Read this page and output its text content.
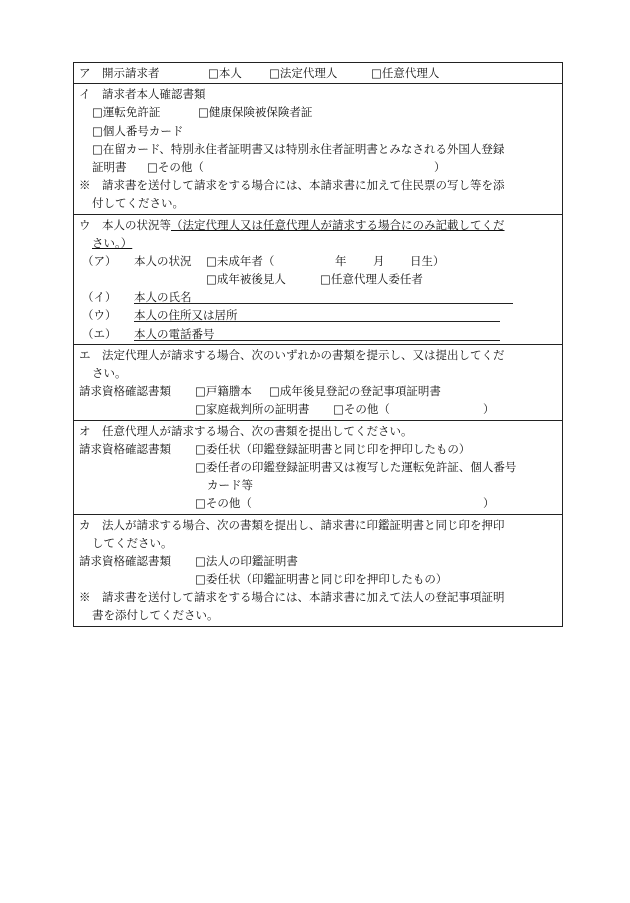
ア　開示請求者	□本人 □法定代理人	□任意代理人
イ　請求者本人確認書類
□運転免許証	□健康保険被保険者証
□個人番号カード
□在留カード、特別永住者証明書又は特別永住者証明書とみなされる外国人登録
証明書 □その他（	）
※　請求書を送付して請求をする場合には、本請求書に加えて住民票の写し等を添
付してください。
ウ　本人の状況等（法定代理人又は任意代理人が請求する場合にのみ記載してくだ
さい。）
（ア） 本人の状況 □未成年者（	年 月 日生）
□成年被後見人	□任意代理人委任者
（イ） 本人の氏名
（ウ） 本人の住所又は居所
（エ） 本人の電話番号
エ　法定代理人が請求する場合、次のいずれかの書類を提示し、又は提出してくだ
さい。
請求資格確認書類 □戸籍謄本 □成年後見登記の登記事項証明書
□家庭裁判所の証明書 □その他（	）
オ　任意代理人が請求する場合、次の書類を提出してください。
請求資格確認書類 □委任状（印鑑登録証明書と同じ印を押印したもの）
□委任者の印鑑登録証明書又は複写した運転免許証、個人番号
カード等
□その他（	）
カ　法人が請求する場合、次の書類を提出し、請求書に印鑑証明書と同じ印を押印
してください。
請求資格確認書類 □法人の印鑑証明書
□委任状（印鑑証明書と同じ印を押印したもの）
※　請求書を送付して請求をする場合には、本請求書に加えて法人の登記事項証明
書を添付してください。
